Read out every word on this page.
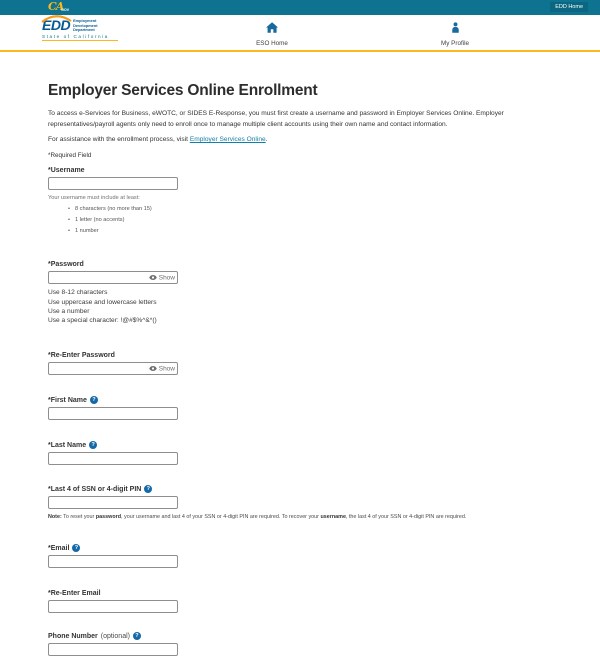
CAGOV	EDD Home
EDD Employment
Development
Department
State of California
ESO Home	My Profile
Employer Services Online Enrollment

To access e-Services for Business, eWOTC, or SIDES E-Response, you must first create a username and password in Employer Services Online. Employer representatives/payroll agents only need to enroll once to manage multiple client accounts using their own name and contact information.

For assistance with the enrollment process, visit Employer Services Online.

*Required Field

*Username
Your username must include at least:
• 8 characters (no more than 15)
• 1 letter (no accents)
• 1 number
*Password
Show
Use 8-12 characters
Use uppercase and lowercase letters
Use a number
Use a special character: !@#$%^&*()
*Re-Enter Password
Show
*First Name
?
*Last Name
?
*Last 4 of SSN or 4-digit PIN
?
Note: To reset your password, your username and last 4 of your SSN or 4-digit PIN are required. To recover your username, the last 4 of your SSN or 4-digit PIN are required.
*Email
?
*Re-Enter Email
Phone Number (optional)
?
